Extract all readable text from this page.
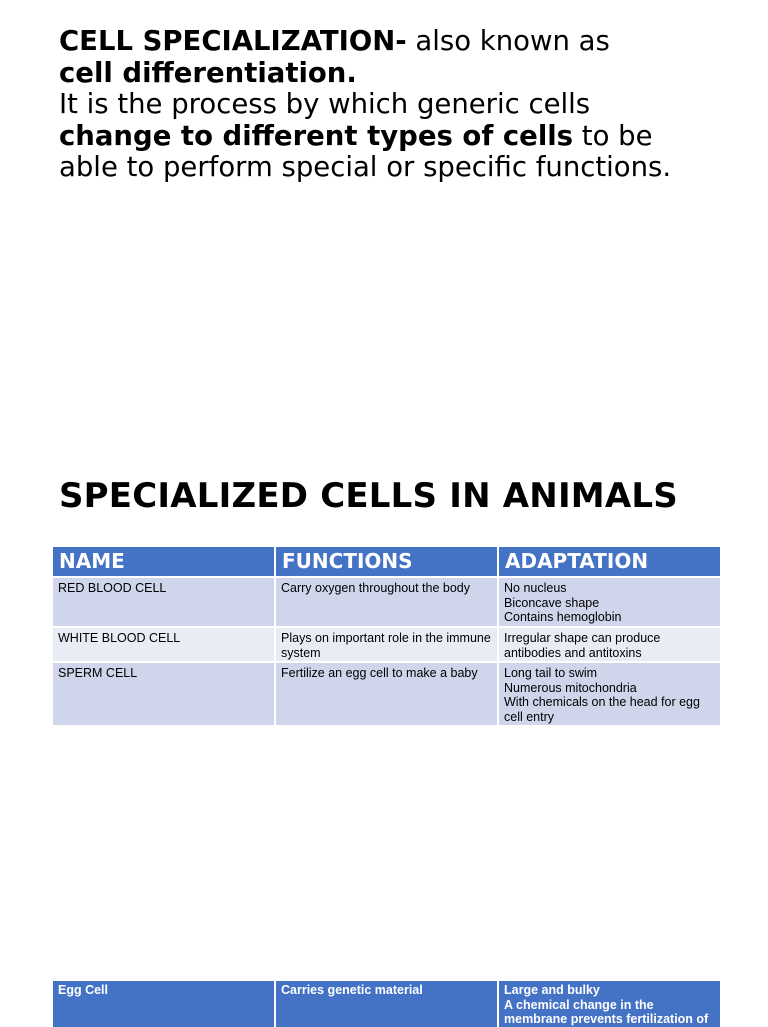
CELL SPECIALIZATION- also known as

cell differentiation.

It is the process by which generic cells

change to different types of cells to be

able to perform special or specific functions.

SPECIALIZED CELLS IN ANIMALS
NAME	FUNCTIONS	ADAPTATION
RED BLOOD CELL	Carry oxygen throughout the body	No nucleus
Biconcave shape
Contains hemoglobin

WHITE BLOOD CELL	Plays on important role in the immune system	Irregular shape can produce antibodies and antitoxins

SPERM CELL	Fertilize an egg cell to make a baby	Long tail to swim
Numerous mitochondria
With chemicals on the head for egg cell entry
Egg Cell	Carries genetic material	Large and bulky
A chemical change in the membrane prevents fertilization of
